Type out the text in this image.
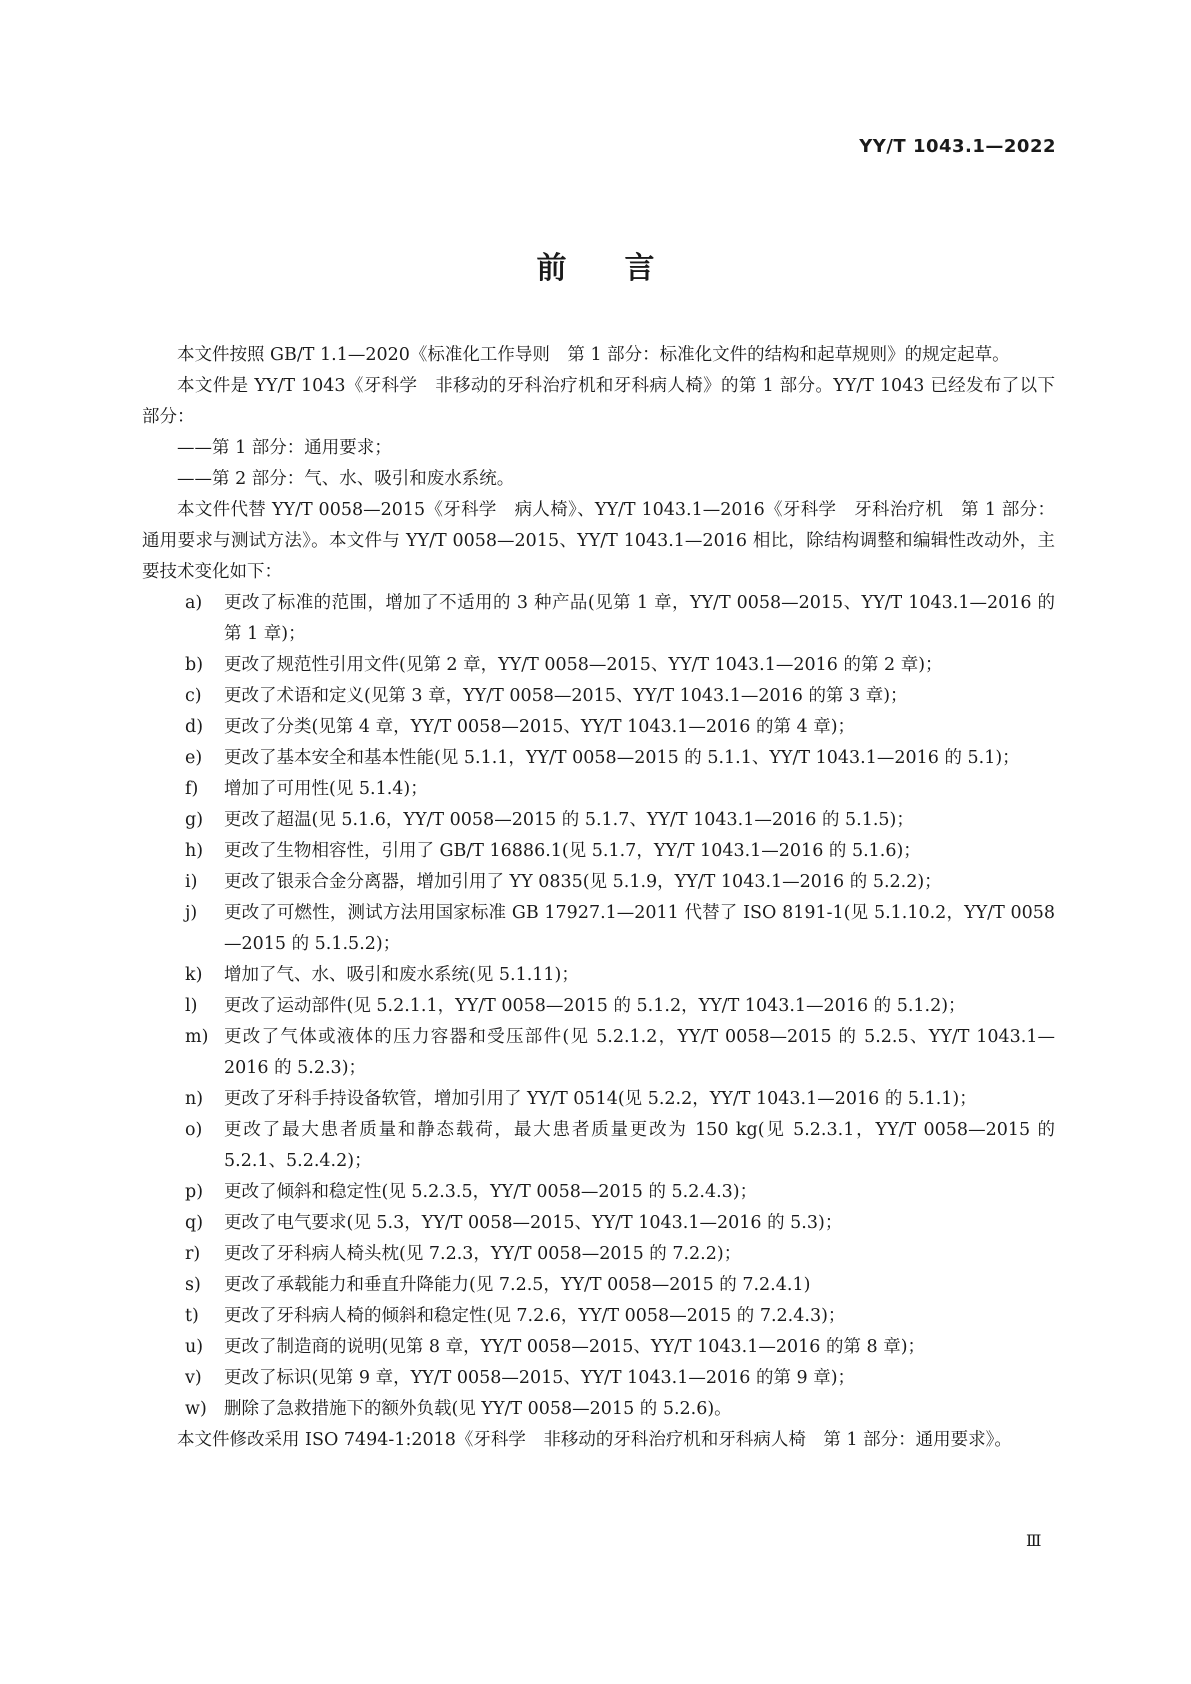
YY/T 1043.1—2022
前言

本文件按照 GB/T 1.1—2020《标准化工作导则　第 1 部分：标准化文件的结构和起草规则》的规定起草。

本文件是 YY/T 1043《牙科学　非移动的牙科治疗机和牙科病人椅》的第 1 部分。YY/T 1043 已经发布了以下部分：

——第 1 部分：通用要求；

——第 2 部分：气、水、吸引和废水系统。

本文件代替 YY/T 0058—2015《牙科学　病人椅》、YY/T 1043.1—2016《牙科学　牙科治疗机　第 1 部分：通用要求与测试方法》。本文件与 YY/T 0058—2015、YY/T 1043.1—2016 相比，除结构调整和编辑性改动外，主要技术变化如下：

a)	更改了标准的范围，增加了不适用的 3 种产品(见第 1 章，YY/T 0058—2015、YY/T 1043.1—2016 的第 1 章)；
b)	更改了规范性引用文件(见第 2 章，YY/T 0058—2015、YY/T 1043.1—2016 的第 2 章)；
c)	更改了术语和定义(见第 3 章，YY/T 0058—2015、YY/T 1043.1—2016 的第 3 章)；
d)	更改了分类(见第 4 章，YY/T 0058—2015、YY/T 1043.1—2016 的第 4 章)；
e)	更改了基本安全和基本性能(见 5.1.1，YY/T 0058—2015 的 5.1.1、YY/T 1043.1—2016 的 5.1)；
f)	增加了可用性(见 5.1.4)；
g)	更改了超温(见 5.1.6，YY/T 0058—2015 的 5.1.7、YY/T 1043.1—2016 的 5.1.5)；
h)	更改了生物相容性，引用了 GB/T 16886.1(见 5.1.7，YY/T 1043.1—2016 的 5.1.6)；
i)	更改了银汞合金分离器，增加引用了 YY 0835(见 5.1.9，YY/T 1043.1—2016 的 5.2.2)；
j)	更改了可燃性，测试方法用国家标准 GB 17927.1—2011 代替了 ISO 8191-1(见 5.1.10.2，YY/T 0058—2015 的 5.1.5.2)；
k)	增加了气、水、吸引和废水系统(见 5.1.11)；
l)	更改了运动部件(见 5.2.1.1，YY/T 0058—2015 的 5.1.2，YY/T 1043.1—2016 的 5.1.2)；
m) 更改了气体或液体的压力容器和受压部件(见 5.2.1.2，YY/T 0058—2015 的 5.2.5、YY/T 1043.1—2016 的 5.2.3)；
n)	更改了牙科手持设备软管，增加引用了 YY/T 0514(见 5.2.2，YY/T 1043.1—2016 的 5.1.1)；
o)	更改了最大患者质量和静态载荷，最大患者质量更改为 150 kg(见 5.2.3.1，YY/T 0058—2015 的 5.2.1、5.2.4.2)；
p)	更改了倾斜和稳定性(见 5.2.3.5，YY/T 0058—2015 的 5.2.4.3)；
q)	更改了电气要求(见 5.3，YY/T 0058—2015、YY/T 1043.1—2016 的 5.3)；
r)	更改了牙科病人椅头枕(见 7.2.3，YY/T 0058—2015 的 7.2.2)；
s)	更改了承载能力和垂直升降能力(见 7.2.5，YY/T 0058—2015 的 7.2.4.1)
t)	更改了牙科病人椅的倾斜和稳定性(见 7.2.6，YY/T 0058—2015 的 7.2.4.3)；
u)	更改了制造商的说明(见第 8 章，YY/T 0058—2015、YY/T 1043.1—2016 的第 8 章)；
v)	更改了标识(见第 9 章，YY/T 0058—2015、YY/T 1043.1—2016 的第 9 章)；
w) 删除了急救措施下的额外负载(见 YY/T 0058—2015 的 5.2.6)。

本文件修改采用 ISO 7494-1:2018《牙科学　非移动的牙科治疗机和牙科病人椅　第 1 部分：通用要求》。

Ⅲ
